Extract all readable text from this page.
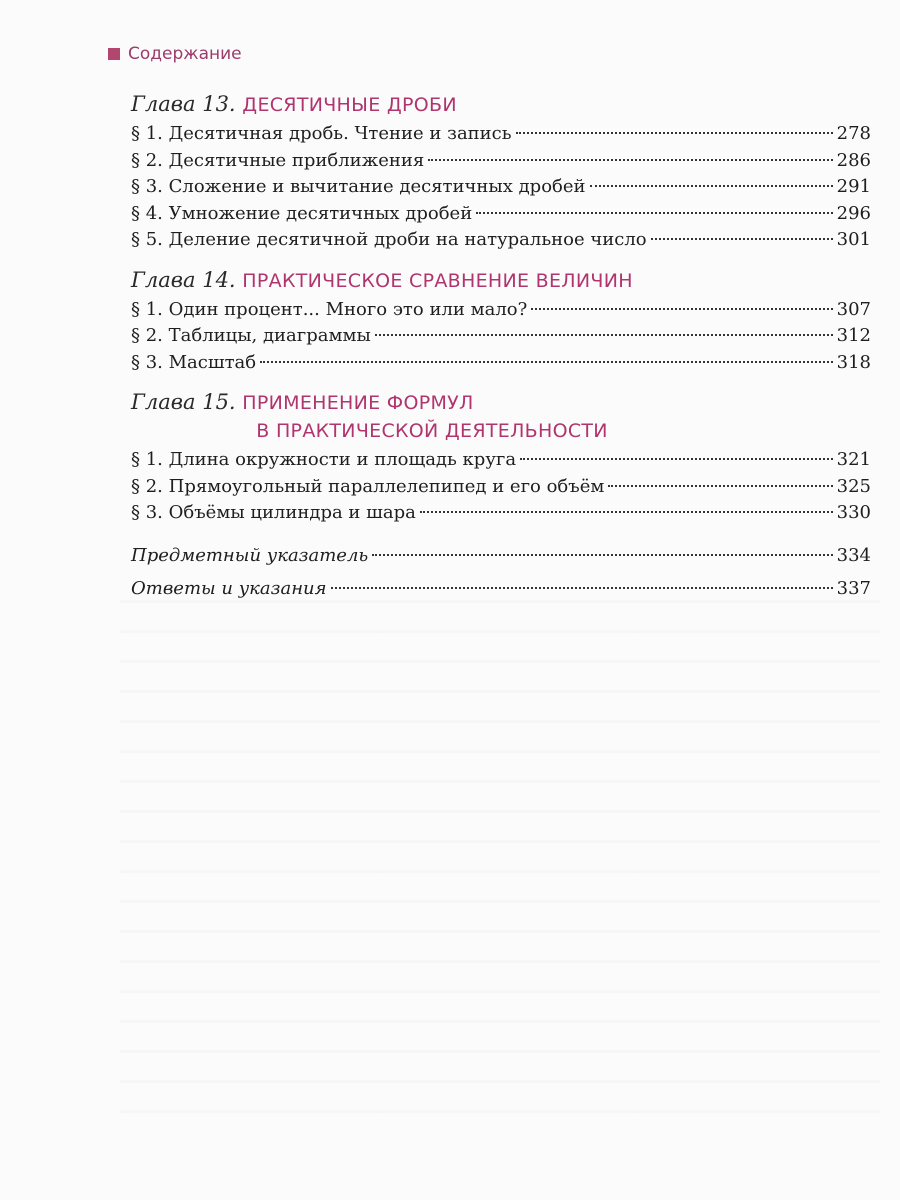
Содержание
Глава 13. ДЕСЯТИЧНЫЕ ДРОБИ
§ 1. Десятичная дробь. Чтение и запись	278
§ 2. Десятичные приближения	286
§ 3. Сложение и вычитание десятичных дробей	291
§ 4. Умножение десятичных дробей	296
§ 5. Деление десятичной дроби на натуральное число	301
Глава 14. ПРАКТИЧЕСКОЕ СРАВНЕНИЕ ВЕЛИЧИН
§ 1. Один процент... Много это или мало?	307
§ 2. Таблицы, диаграммы	312
§ 3. Масштаб	318
Глава 15. ПРИМЕНЕНИЕ ФОРМУЛ
В ПРАКТИЧЕСКОЙ ДЕЯТЕЛЬНОСТИ
§ 1. Длина окружности и площадь круга	321
§ 2. Прямоугольный параллелепипед и его объём	325
§ 3. Объёмы цилиндра и шара	330
Предметный указатель	334
Ответы и указания	337
